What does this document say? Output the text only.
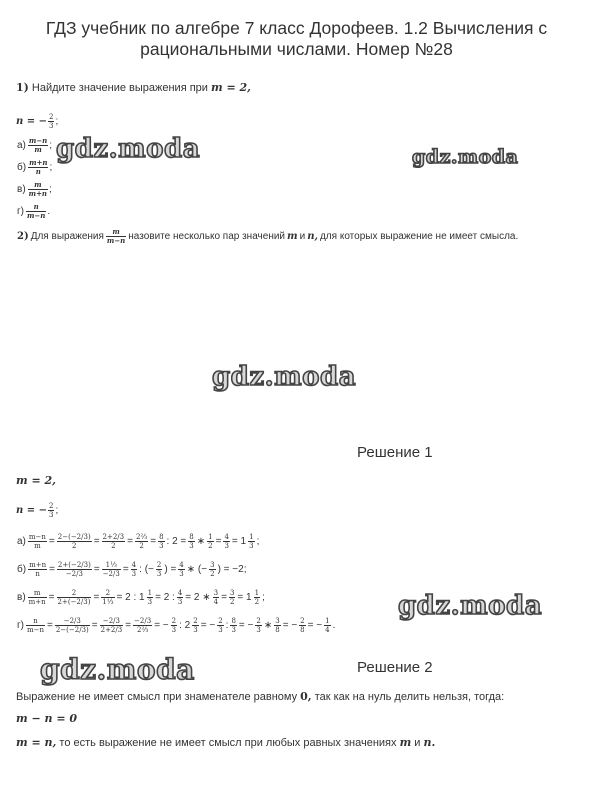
ГДЗ учебник по алгебре 7 класс Дорофеев. 1.2 Вычисления с
рациональными числами. Номер №28
1) Найдите значение выражения при m = 2,
n = − $\frac{2}{3}$ ;
$а) \frac{m-n}{m}$ ;
$б) \frac{m+n}{n}$ ;
$в) \frac{m}{m+n}$ ;
$г) \frac{n}{m-n}$ .
2) Для выражения $\frac{m}{m-n}$ назовите несколько пар значений m и n, для которых выражение не имеет смысла.
gdz.moda	gdz.moda
gdz.moda
gdz.moda
gdz.moda
Решение 1
m = 2,
n = − $\frac{2}{3}$ ;
$а) \frac{m-n}{m} = \frac{2-(-2/3)}{2} = \frac{2+2/3}{2} = \frac{\text{2⅔}}{2} = \frac{8}{3}$ : $2 = \frac{8}{3}$ ∗ $\frac{1}{2} = \frac{4}{3} = 1 \frac{1}{3}$ ;
$б) \frac{m+n}{n} = \frac{2+(-2/3)}{-2/3} = \frac{\text{1⅓}}{-2/3} = \frac{4}{3}$ : (− $\frac{2}{3}$ ) = $\frac{4}{3}$ ∗ (− $\frac{3}{2}$ ) = −2;
$в) \frac{m}{m+n} = \frac{2}{2+(-2/3)} = \frac{2}{\text{1⅓}} = 2$ : $1 \frac{1}{3} = 2$ : $\frac{4}{3} = 2$ ∗ $\frac{3}{4} = \frac{3}{2} = 1 \frac{1}{2}$ ;
$г) \frac{n}{m-n} = \frac{-2/3}{2-(-2/3)} = \frac{-2/3}{2+2/3} = \frac{-2/3}{\text{2⅔}}$ = − $\frac{2}{3}$ : $2 \frac{2}{3}$ = − $\frac{2}{3}$ : $\frac{8}{3}$ = − $\frac{2}{3}$ ∗ $\frac{3}{8}$ = − $\frac{2}{8}$ = − $\frac{1}{4}$ .
Решение 2
Выражение не имеет смысл при знаменателе равному 0, так как на нуль делить нельзя, тогда:
m − n = 0
m = n, то есть выражение не имеет смысл при любых равных значениях m и n.
